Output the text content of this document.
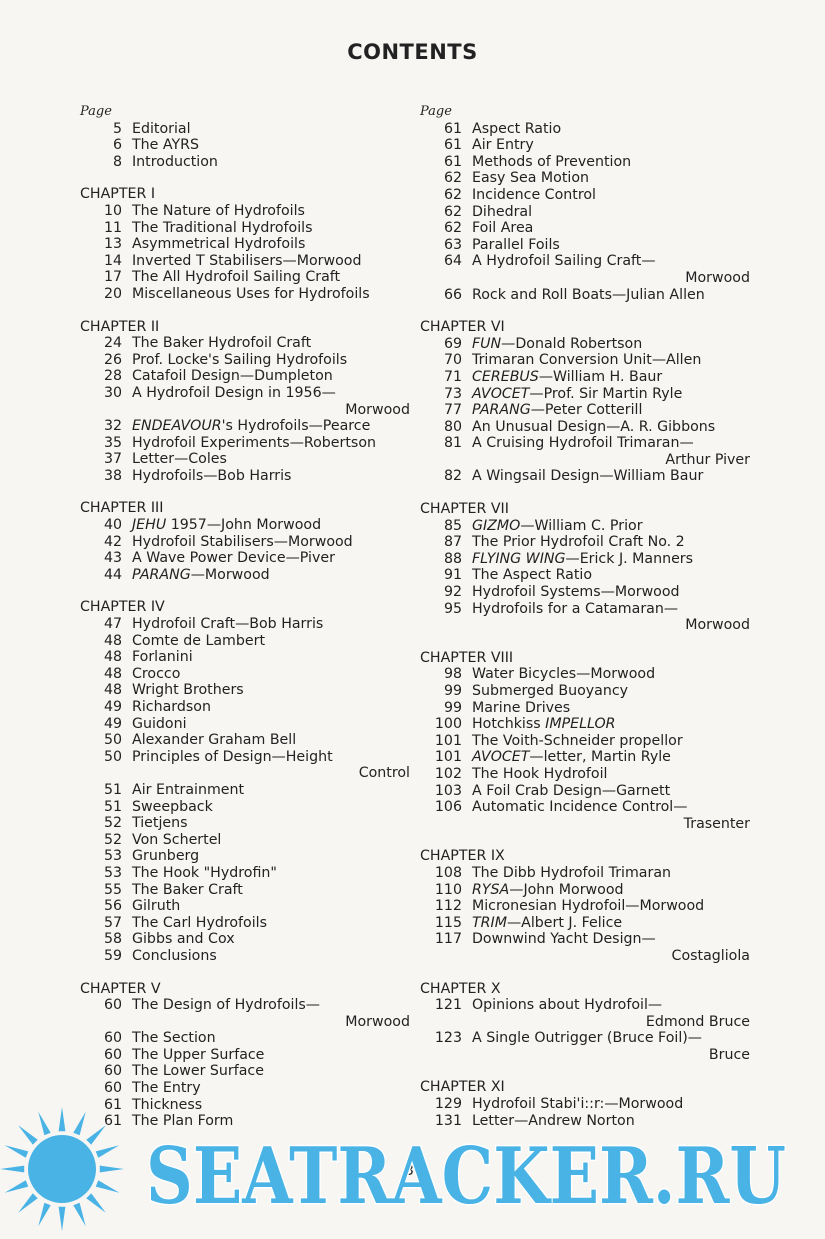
CONTENTS
Page
5 Editorial
6 The AYRS
8 Introduction
CHAPTER I
10 The Nature of Hydrofoils
11 The Traditional Hydrofoils
13 Asymmetrical Hydrofoils
14 Inverted T Stabilisers—Morwood
17 The All Hydrofoil Sailing Craft
20 Miscellaneous Uses for Hydrofoils
CHAPTER II
24 The Baker Hydrofoil Craft
26 Prof. Locke's Sailing Hydrofoils
28 Catafoil Design—Dumpleton
30 A Hydrofoil Design in 1956—
Morwood
32 ENDEAVOUR's Hydrofoils—Pearce
35 Hydrofoil Experiments—Robertson
37 Letter—Coles
38 Hydrofoils—Bob Harris
CHAPTER III
40 JEHU 1957—John Morwood
42 Hydrofoil Stabilisers—Morwood
43 A Wave Power Device—Piver
44 PARANG—Morwood
CHAPTER IV
47 Hydrofoil Craft—Bob Harris
48 Comte de Lambert
48 Forlanini
48 Crocco
48 Wright Brothers
49 Richardson
49 Guidoni
50 Alexander Graham Bell
50 Principles of Design—Height
Control
51 Air Entrainment
51 Sweepback
52 Tietjens
52 Von Schertel
53 Grunberg
53 The Hook "Hydrofin"
55 The Baker Craft
56 Gilruth
57 The Carl Hydrofoils
58 Gibbs and Cox
59 Conclusions
CHAPTER V
60 The Design of Hydrofoils—
Morwood
60 The Section
60 The Upper Surface
60 The Lower Surface
60 The Entry
61 Thickness
61 The Plan Form
Page
61 Aspect Ratio
61 Air Entry
61 Methods of Prevention
62 Easy Sea Motion
62 Incidence Control
62 Dihedral
62 Foil Area
63 Parallel Foils
64 A Hydrofoil Sailing Craft—
Morwood
66 Rock and Roll Boats—Julian Allen
CHAPTER VI
69 FUN—Donald Robertson
70 Trimaran Conversion Unit—Allen
71 CEREBUS—William H. Baur
73 AVOCET—Prof. Sir Martin Ryle
77 PARANG—Peter Cotterill
80 An Unusual Design—A. R. Gibbons
81 A Cruising Hydrofoil Trimaran—
Arthur Piver
82 A Wingsail Design—William Baur
CHAPTER VII
85 GIZMO—William C. Prior
87 The Prior Hydrofoil Craft No. 2
88 FLYING WING—Erick J. Manners
91 The Aspect Ratio
92 Hydrofoil Systems—Morwood
95 Hydrofoils for a Catamaran—
Morwood
CHAPTER VIII
98 Water Bicycles—Morwood
99 Submerged Buoyancy
99 Marine Drives
100 Hotchkiss IMPELLOR
101 The Voith-Schneider propellor
101 AVOCET—letter, Martin Ryle
102 The Hook Hydrofoil
103 A Foil Crab Design—Garnett
106 Automatic Incidence Control—
Trasenter
CHAPTER IX
108 The Dibb Hydrofoil Trimaran
110 RYSA—John Morwood
112 Micronesian Hydrofoil—Morwood
115 TRIM—Albert J. Felice
117 Downwind Yacht Design—
Costagliola
CHAPTER X
121 Opinions about Hydrofoil—
Edmond Bruce
123 A Single Outrigger (Bruce Foil)—
Bruce
CHAPTER XI
129 Hydrofoil Stabi'i::r:—Morwood
131 Letter—Andrew Norton
3
SEATRACKER.RU
